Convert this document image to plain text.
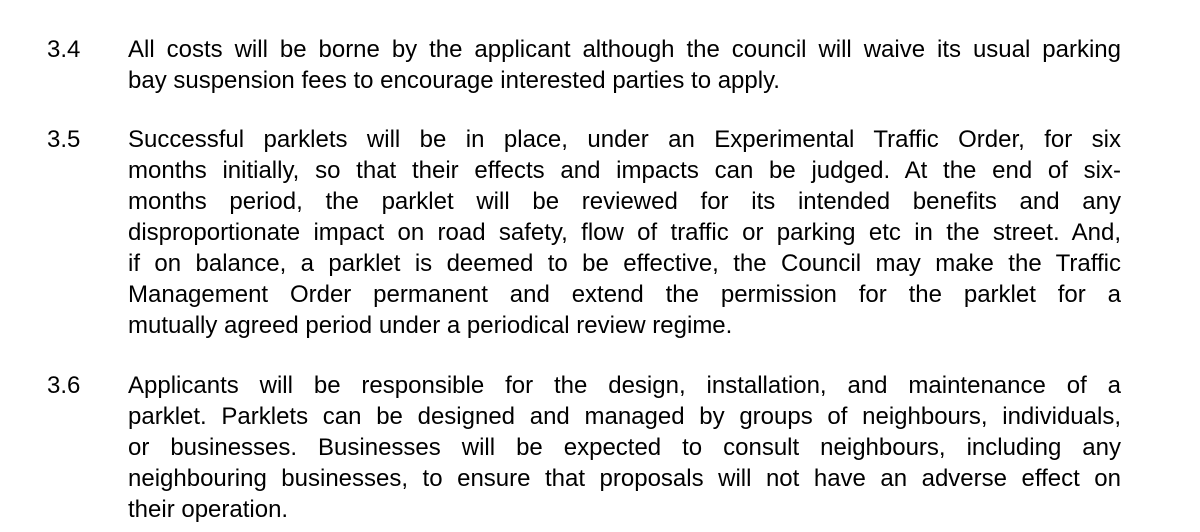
3.4 All costs will be borne by the applicant although the council will waive its usual parking
bay suspension fees to encourage interested parties to apply.
3.5 Successful parklets will be in place, under an Experimental Traffic Order, for six
months initially, so that their effects and impacts can be judged. At the end of six-
months period, the parklet will be reviewed for its intended benefits and any
disproportionate impact on road safety, flow of traffic or parking etc in the street. And,
if on balance, a parklet is deemed to be effective, the Council may make the Traffic
Management Order permanent and extend the permission for the parklet for a
mutually agreed period under a periodical review regime.
3.6 Applicants will be responsible for the design, installation, and maintenance of a
parklet. Parklets can be designed and managed by groups of neighbours, individuals,
or businesses. Businesses will be expected to consult neighbours, including any
neighbouring businesses, to ensure that proposals will not have an adverse effect on
their operation.
